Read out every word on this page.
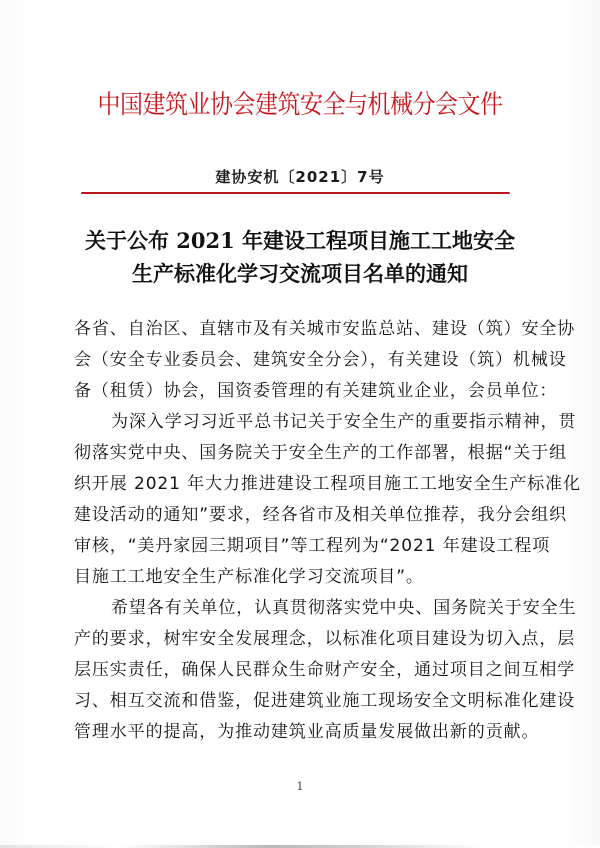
中国建筑业协会建筑安全与机械分会文件
建协安机〔2021〕7号
关于公布 2021 年建设工程项目施工工地安全
生产标准化学习交流项目名单的通知

各省、自治区、直辖市及有关城市安监总站、建设（筑）安全协
会（安全专业委员会、建筑安全分会），有关建设（筑）机械设
备（租赁）协会，国资委管理的有关建筑业企业，会员单位：

为深入学习习近平总书记关于安全生产的重要指示精神，贯
彻落实党中央、国务院关于安全生产的工作部署，根据“关于组
织开展 2021 年大力推进建设工程项目施工工地安全生产标准化
建设活动的通知”要求，经各省市及相关单位推荐，我分会组织
审核，“美丹家园三期项目”等工程列为“2021 年建设工程项
目施工工地安全生产标准化学习交流项目”。

希望各有关单位，认真贯彻落实党中央、国务院关于安全生
产的要求，树牢安全发展理念，以标准化项目建设为切入点，层
层压实责任，确保人民群众生命财产安全，通过项目之间互相学
习、相互交流和借鉴，促进建筑业施工现场安全文明标准化建设
管理水平的提高，为推动建筑业高质量发展做出新的贡献。

1
